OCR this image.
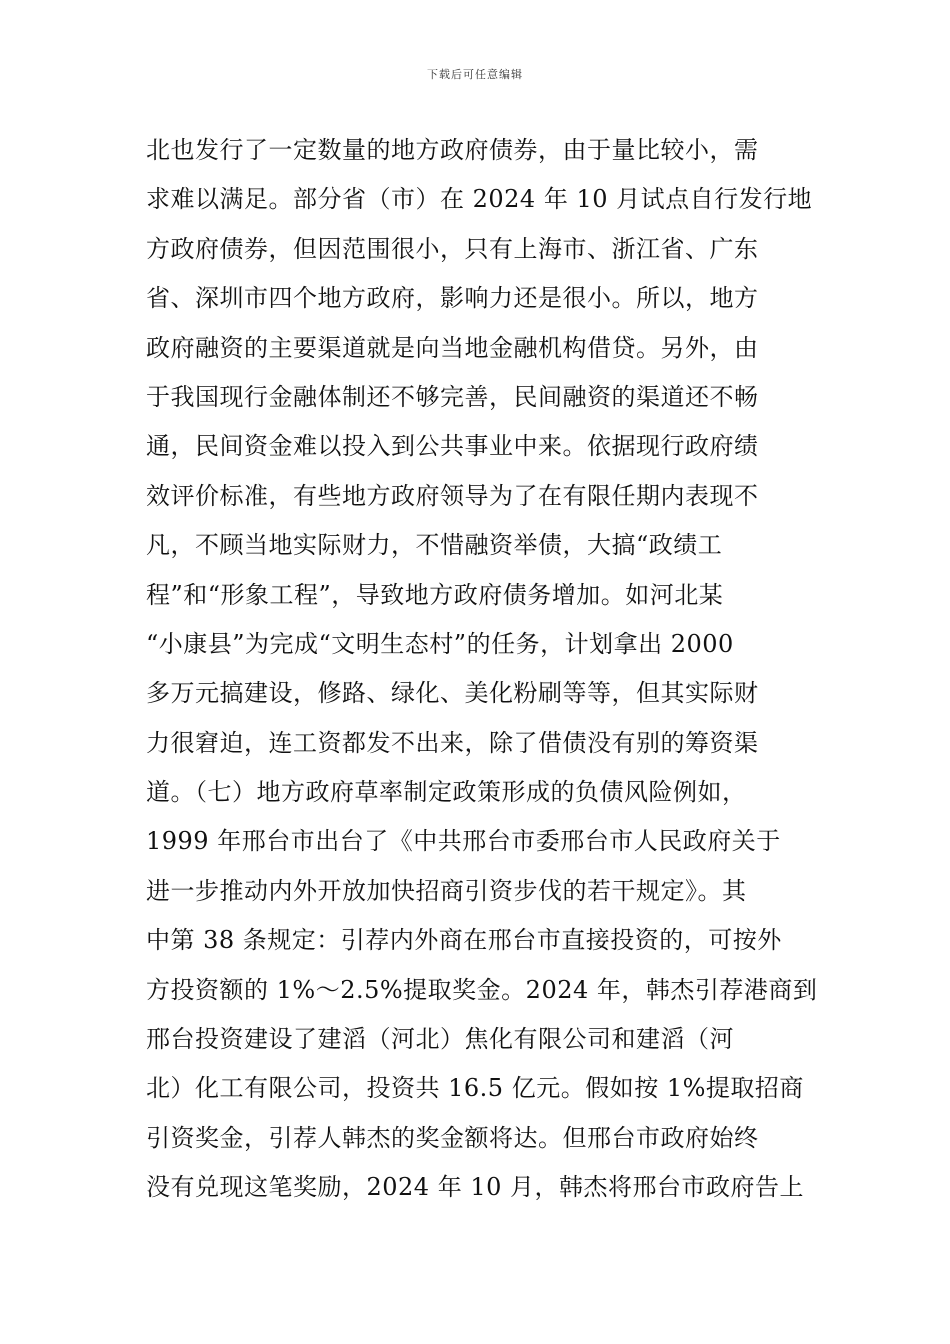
下载后可任意编辑
北也发行了一定数量的地方政府债券，由于量比较小，需
求难以满足。部分省（市）在 2024 年 10 月试点自行发行地
方政府债券，但因范围很小，只有上海市、浙江省、广东
省、深圳市四个地方政府，影响力还是很小。所以，地方
政府融资的主要渠道就是向当地金融机构借贷。另外，由
于我国现行金融体制还不够完善，民间融资的渠道还不畅
通，民间资金难以投入到公共事业中来。依据现行政府绩
效评价标准，有些地方政府领导为了在有限任期内表现不
凡，不顾当地实际财力，不惜融资举债，大搞“政绩工
程”和“形象工程”，导致地方政府债务增加。如河北某
“小康县”为完成“文明生态村”的任务，计划拿出 2000
多万元搞建设，修路、绿化、美化粉刷等等，但其实际财
力很窘迫，连工资都发不出来，除了借债没有别的筹资渠
道。（七）地方政府草率制定政策形成的负债风险例如，
1999 年邢台市出台了《中共邢台市委邢台市人民政府关于
进一步推动内外开放加快招商引资步伐的若干规定》。其
中第 38 条规定：引荐内外商在邢台市直接投资的，可按外
方投资额的 1%～2.5%提取奖金。2024 年，韩杰引荐港商到
邢台投资建设了建滔（河北）焦化有限公司和建滔（河
北）化工有限公司，投资共 16.5 亿元。假如按 1%提取招商
引资奖金，引荐人韩杰的奖金额将达。但邢台市政府始终
没有兑现这笔奖励，2024 年 10 月，韩杰将邢台市政府告上
